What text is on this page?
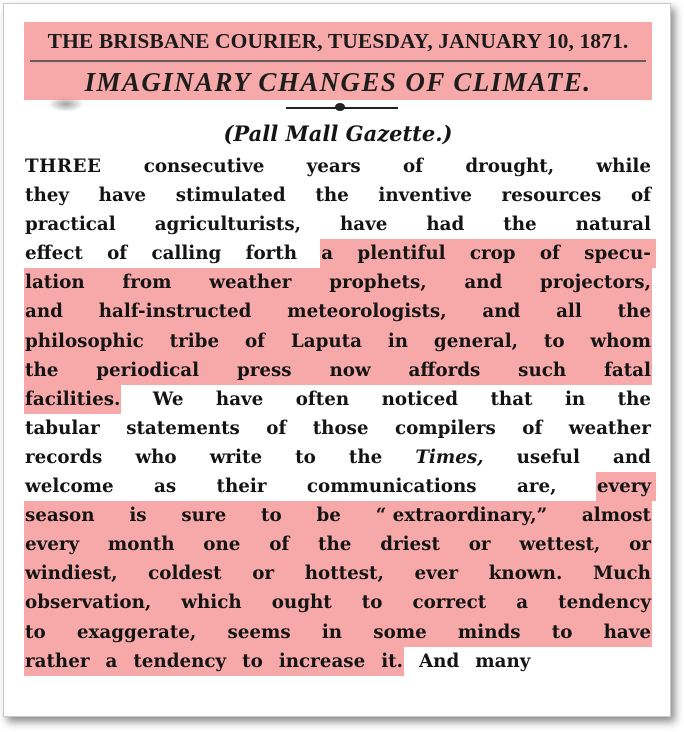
THE BRISBANE COURIER, TUESDAY, JANUARY 10, 1871.
IMAGINARY CHANGES OF CLIMATE.
(Pall Mall Gazette.)
THREE consecutive years of drought, while
they have stimulated the inventive resources of
practical agriculturists, have had the natural
effect of calling forth a plentiful crop of specu-
lation from weather prophets, and projectors,
and half-instructed meteorologists, and all the
philosophic tribe of Laputa in general, to whom
the periodical press now affords such fatal
facilities. We have often noticed that in the
tabular statements of those compilers of weather
records who write to the Times, useful and
welcome as their communications are, every
season is sure to be “ extraordinary,” almost
every month one of the driest or wettest, or
windiest, coldest or hottest, ever known. Much
observation, which ought to correct a tendency
to exaggerate, seems in some minds to have
rather a tendency to increase it. And many
